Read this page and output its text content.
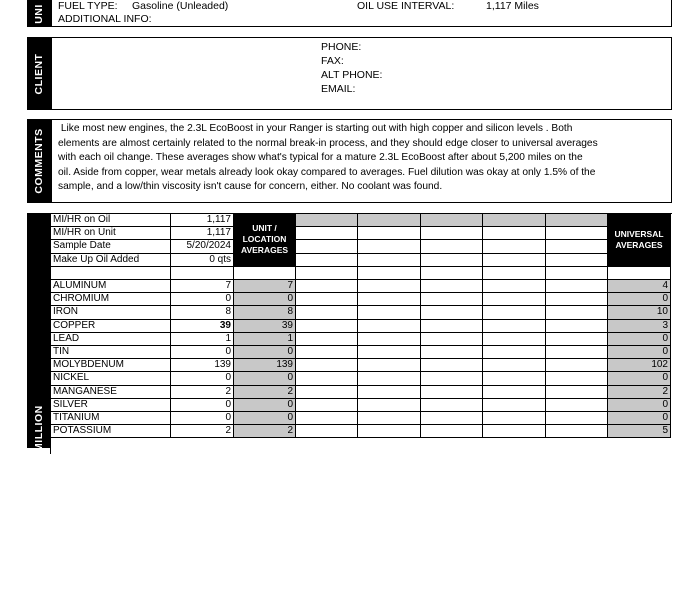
UNI FUEL TYPE: Gasoline (Unleaded)	OIL USE INTERVAL:	1,117 Miles
ADDITIONAL INFO:
CLIENT
PHONE:
FAX:
ALT PHONE:
EMAIL:
COMMENTS Like most new engines, the 2.3L EcoBoost in your Ranger is starting out with high copper and silicon levels . Both
elements are almost certainly related to the normal break-in process, and they should edge closer to universal averages
with each oil change. These averages show what's typical for a mature 2.3L EcoBoost after about 5,200 miles on the
oil. Aside from copper, wear metals already look okay compared to averages. Fuel dilution was okay at only 1.5% of the
sample, and a low/thin viscosity isn't cause for concern, either. No coolant was found.
ELEMENTS IN PARTS PER MILLION
MI/HR on Oil	1,117
MI/HR on Unit	1,117
Sample Date	5/20/2024
Make Up Oil Added	0 qts
UNIT / LOCATION AVERAGES
UNIVERSAL AVERAGES
ALUMINUM	7	7	4
CHROMIUM	0	0	0
IRON	8	8	10
COPPER	39	39	3
LEAD	1	1	0
TIN	0	0	0
MOLYBDENUM	139	139	102
NICKEL	0	0	0
MANGANESE	2	2	2
SILVER	0	0	0
TITANIUM	0	0	0
POTASSIUM	2	2	5
